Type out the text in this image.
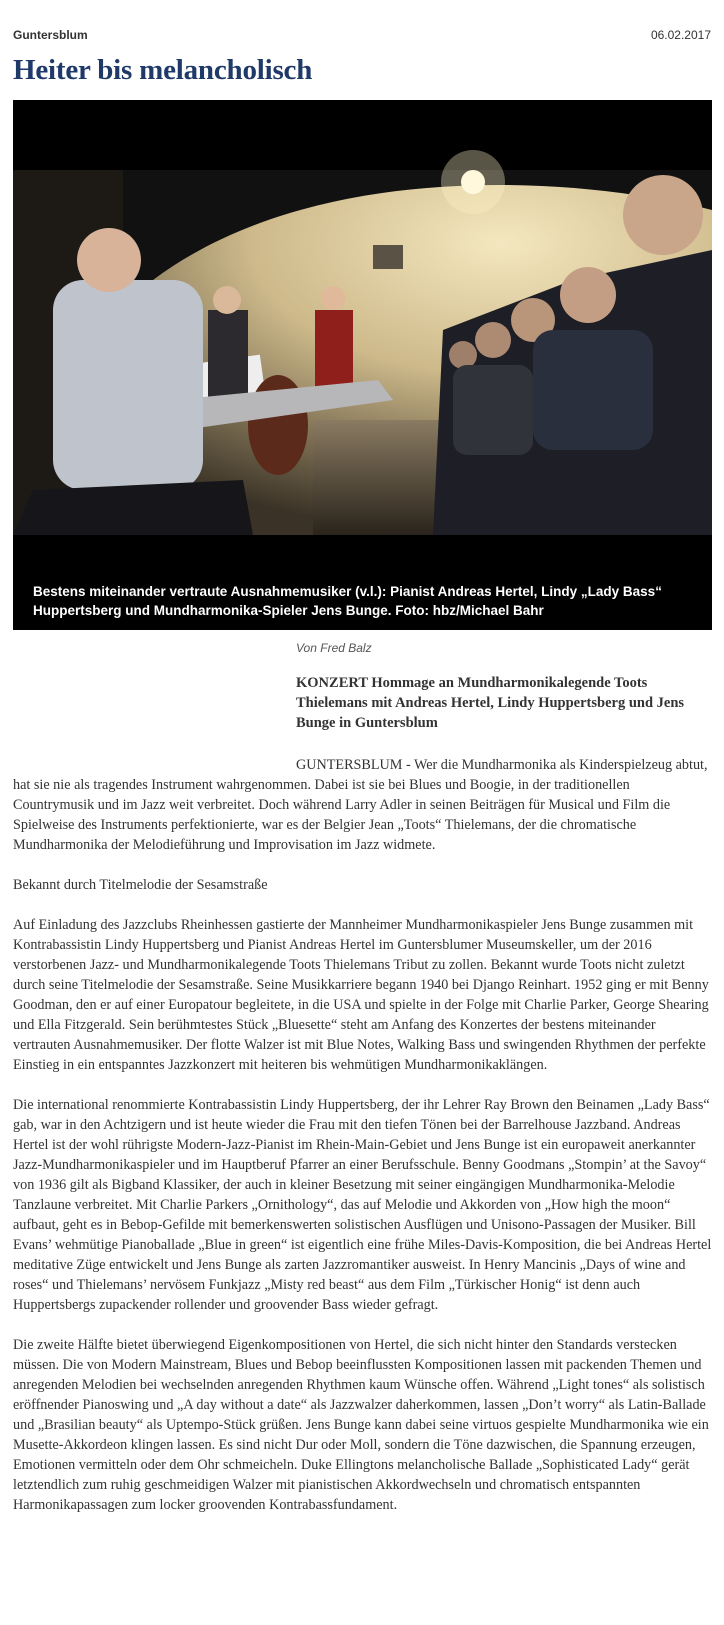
Guntersblum	06.02.2017
Heiter bis melancholisch
Bestens miteinander vertraute Ausnahmemusiker (v.l.): Pianist Andreas Hertel, Lindy „Lady Bass“ Huppertsberg und Mundharmonika-Spieler Jens Bunge. Foto: hbz/Michael Bahr
Von Fred Balz

KONZERT Hommage an Mundharmonikalegende Toots Thielemans mit Andreas Hertel, Lindy Huppertsberg und Jens Bunge in Guntersblum

GUNTERSBLUM - Wer die Mundharmonika als Kinderspielzeug abtut, hat sie nie als tragendes Instrument wahrgenommen. Dabei ist sie bei Blues und Boogie, in der traditionellen Countrymusik und im Jazz weit verbreitet. Doch während Larry Adler in seinen Beiträgen für Musical und Film die Spielweise des Instruments perfektionierte, war es der Belgier Jean „Toots“ Thielemans, der die chromatische Mundharmonika der Melodieführung und Improvisation im Jazz widmete.

Bekannt durch Titelmelodie der Sesamstraße

Auf Einladung des Jazzclubs Rheinhessen gastierte der Mannheimer Mundharmonikaspieler Jens Bunge zusammen mit Kontrabassistin Lindy Huppertsberg und Pianist Andreas Hertel im Guntersblumer Museumskeller, um der 2016 verstorbenen Jazz- und Mundharmonikalegende Toots Thielemans Tribut zu zollen. Bekannt wurde Toots nicht zuletzt durch seine Titelmelodie der Sesamstraße. Seine Musikkarriere begann 1940 bei Django Reinhart. 1952 ging er mit Benny Goodman, den er auf einer Europatour begleitete, in die USA und spielte in der Folge mit Charlie Parker, George Shearing und Ella Fitzgerald. Sein berühmtestes Stück „Bluesette“ steht am Anfang des Konzertes der bestens miteinander vertrauten Ausnahmemusiker. Der flotte Walzer ist mit Blue Notes, Walking Bass und swingenden Rhythmen der perfekte Einstieg in ein entspanntes Jazzkonzert mit heiteren bis wehmütigen Mundharmonikaklängen.

Die international renommierte Kontrabassistin Lindy Huppertsberg, der ihr Lehrer Ray Brown den Beinamen „Lady Bass“ gab, war in den Achtzigern und ist heute wieder die Frau mit den tiefen Tönen bei der Barrelhouse Jazzband. Andreas Hertel ist der wohl rührigste Modern-Jazz-Pianist im Rhein-Main-Gebiet und Jens Bunge ist ein europaweit anerkannter Jazz-Mundharmonikaspieler und im Hauptberuf Pfarrer an einer Berufsschule. Benny Goodmans „Stompin’ at the Savoy“ von 1936 gilt als Bigband Klassiker, der auch in kleiner Besetzung mit seiner eingängigen Mundharmonika-Melodie Tanzlaune verbreitet. Mit Charlie Parkers „Ornithology“, das auf Melodie und Akkorden von „How high the moon“ aufbaut, geht es in Bebop-Gefilde mit bemerkenswerten solistischen Ausflügen und Unisono-Passagen der Musiker. Bill Evans’ wehmütige Pianoballade „Blue in green“ ist eigentlich eine frühe Miles-Davis-Komposition, die bei Andreas Hertel meditative Züge entwickelt und Jens Bunge als zarten Jazzromantiker ausweist. In Henry Mancinis „Days of wine and roses“ und Thielemans’ nervösem Funkjazz „Misty red beast“ aus dem Film „Türkischer Honig“ ist denn auch Huppertsbergs zupackender rollender und groovender Bass wieder gefragt.

Die zweite Hälfte bietet überwiegend Eigenkompositionen von Hertel, die sich nicht hinter den Standards verstecken müssen. Die von Modern Mainstream, Blues und Bebop beeinflussten Kompositionen lassen mit packenden Themen und anregenden Melodien bei wechselnden anregenden Rhythmen kaum Wünsche offen. Während „Light tones“ als solistisch eröffnender Pianoswing und „A day without a date“ als Jazzwalzer daherkommen, lassen „Don’t worry“ als Latin-Ballade und „Brasilian beauty“ als Uptempo-Stück grüßen. Jens Bunge kann dabei seine virtuos gespielte Mundharmonika wie ein Musette-Akkordeon klingen lassen. Es sind nicht Dur oder Moll, sondern die Töne dazwischen, die Spannung erzeugen, Emotionen vermitteln oder dem Ohr schmeicheln. Duke Ellingtons melancholische Ballade „Sophisticated Lady“ gerät letztendlich zum ruhig geschmeidigen Walzer mit pianistischen Akkordwechseln und chromatisch entspannten Harmonikapassagen zum locker groovenden Kontrabassfundament.
